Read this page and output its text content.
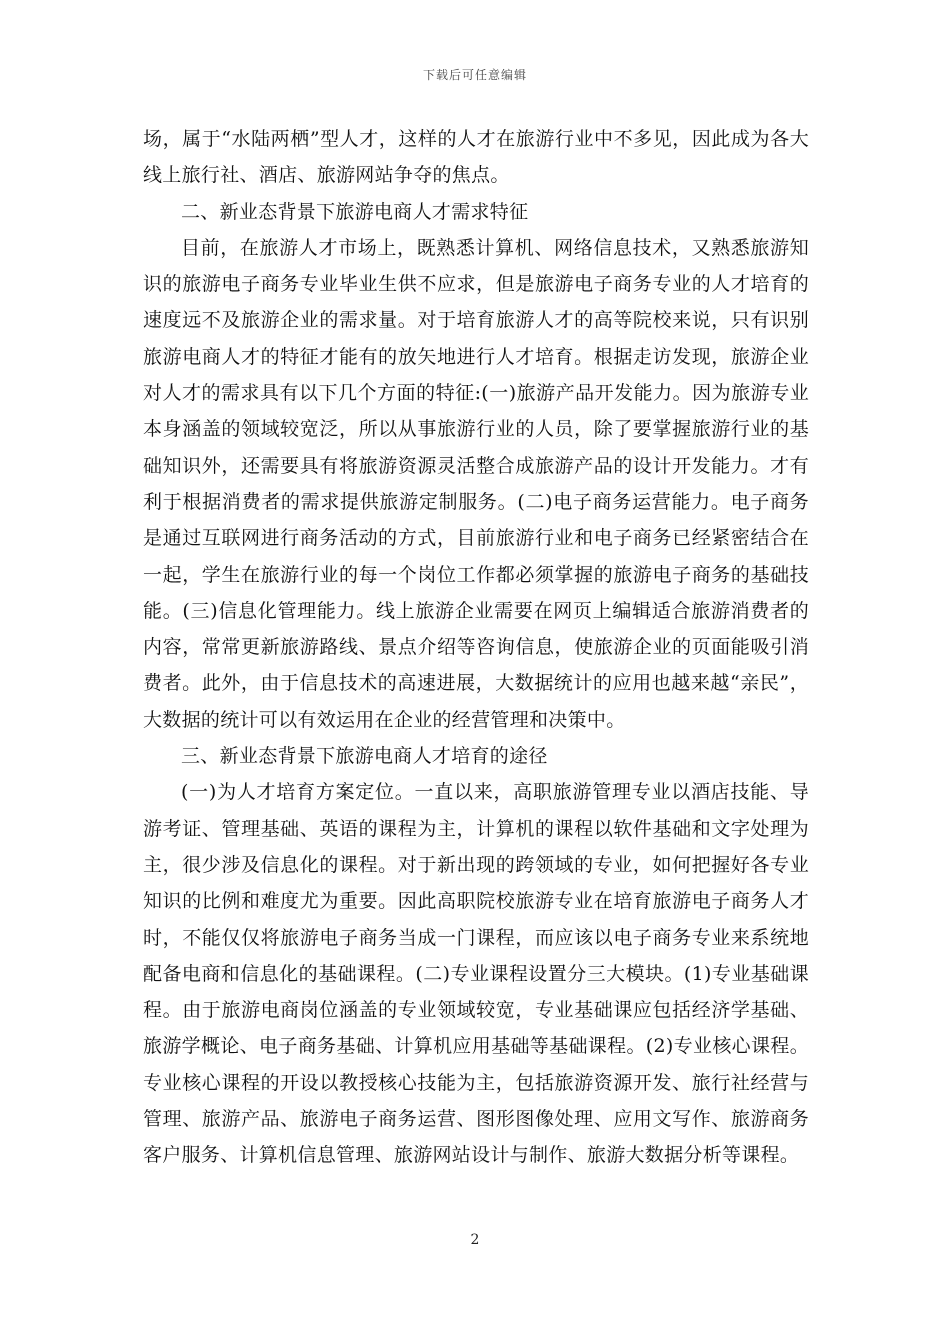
下载后可任意编辑

场，属于“水陆两栖”型人才，这样的人才在旅游行业中不多见，因此成为各大线上旅行社、酒店、旅游网站争夺的焦点。

二、新业态背景下旅游电商人才需求特征

目前，在旅游人才市场上，既熟悉计算机、网络信息技术，又熟悉旅游知识的旅游电子商务专业毕业生供不应求，但是旅游电子商务专业的人才培育的速度远不及旅游企业的需求量。对于培育旅游人才的高等院校来说，只有识别旅游电商人才的特征才能有的放矢地进行人才培育。根据走访发现，旅游企业对人才的需求具有以下几个方面的特征:(一)旅游产品开发能力。因为旅游专业本身涵盖的领域较宽泛，所以从事旅游行业的人员，除了要掌握旅游行业的基础知识外，还需要具有将旅游资源灵活整合成旅游产品的设计开发能力。才有利于根据消费者的需求提供旅游定制服务。(二)电子商务运营能力。电子商务是通过互联网进行商务活动的方式，目前旅游行业和电子商务已经紧密结合在一起，学生在旅游行业的每一个岗位工作都必须掌握的旅游电子商务的基础技能。(三)信息化管理能力。线上旅游企业需要在网页上编辑适合旅游消费者的内容，常常更新旅游路线、景点介绍等咨询信息，使旅游企业的页面能吸引消费者。此外，由于信息技术的高速进展，大数据统计的应用也越来越“亲民”，大数据的统计可以有效运用在企业的经营管理和决策中。

三、新业态背景下旅游电商人才培育的途径

(一)为人才培育方案定位。一直以来，高职旅游管理专业以酒店技能、导游考证、管理基础、英语的课程为主，计算机的课程以软件基础和文字处理为主，很少涉及信息化的课程。对于新出现的跨领域的专业，如何把握好各专业知识的比例和难度尤为重要。因此高职院校旅游专业在培育旅游电子商务人才时，不能仅仅将旅游电子商务当成一门课程，而应该以电子商务专业来系统地配备电商和信息化的基础课程。(二)专业课程设置分三大模块。(1)专业基础课程。由于旅游电商岗位涵盖的专业领域较宽，专业基础课应包括经济学基础、旅游学概论、电子商务基础、计算机应用基础等基础课程。(2)专业核心课程。专业核心课程的开设以教授核心技能为主，包括旅游资源开发、旅行社经营与管理、旅游产品、旅游电子商务运营、图形图像处理、应用文写作、旅游商务客户服务、计算机信息管理、旅游网站设计与制作、旅游大数据分析等课程。

2
